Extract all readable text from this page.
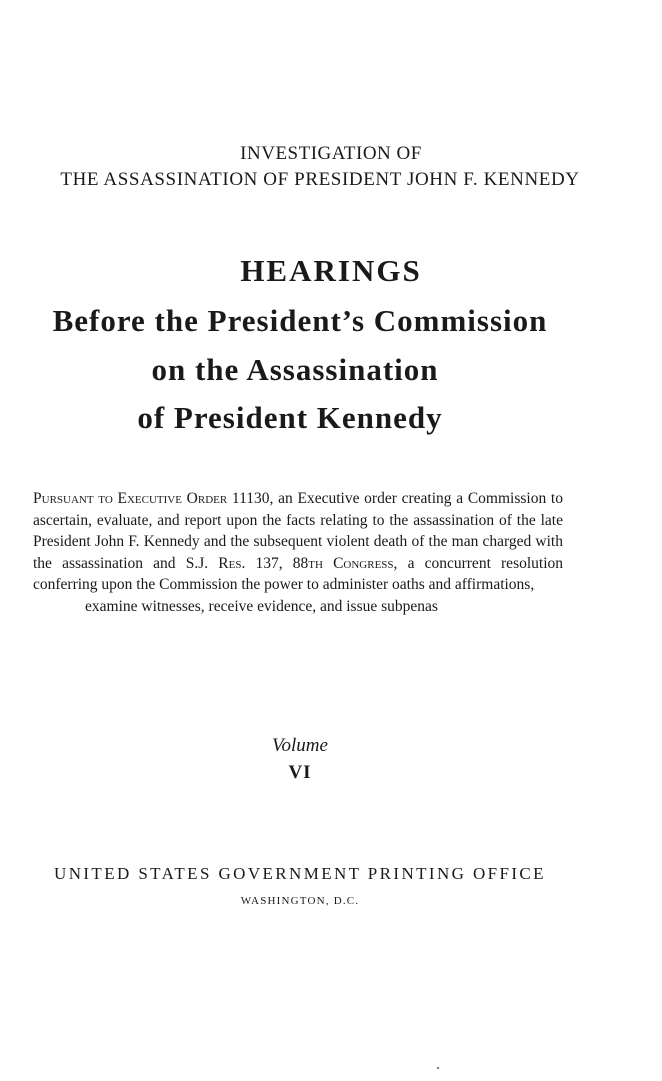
INVESTIGATION OF
THE ASSASSINATION OF PRESIDENT JOHN F. KENNEDY
HEARINGS
Before the President’s Commission
on the Assassination
of President Kennedy
Pursuant to Executive Order 11130, an Executive order creating a Commission to ascertain, evaluate, and report upon the facts relating to the assassination of the late President John F. Kennedy and the subsequent violent death of the man charged with the assassination and S.J. Res. 137, 88th Congress, a concurrent resolution conferring upon the Commission the power to administer oaths and affirmations,
examine witnesses, receive evidence, and issue subpenas
Volume
VI
UNITED STATES GOVERNMENT PRINTING OFFICE
WASHINGTON, D.C.
